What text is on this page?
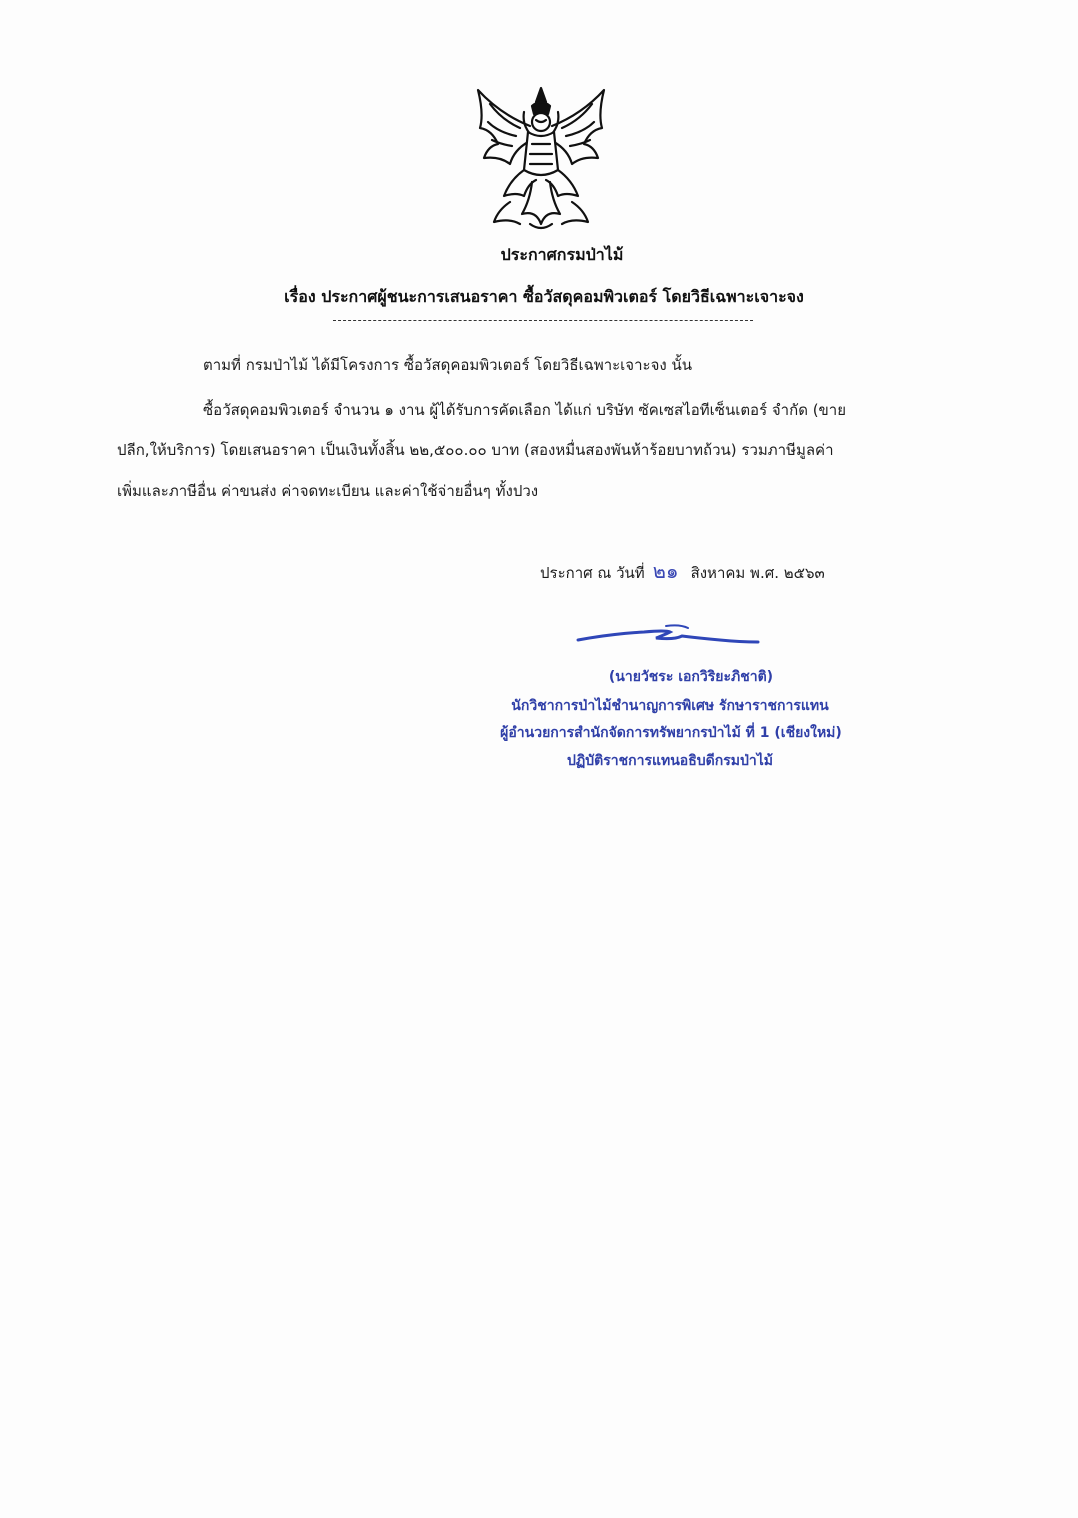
ประกาศกรมป่าไม้
เรื่อง ประกาศผู้ชนะการเสนอราคา ซื้อวัสดุคอมพิวเตอร์ โดยวิธีเฉพาะเจาะจง
ตามที่ กรมป่าไม้ ได้มีโครงการ ซื้อวัสดุคอมพิวเตอร์ โดยวิธีเฉพาะเจาะจง นั้น
ซื้อวัสดุคอมพิวเตอร์ จำนวน ๑ งาน ผู้ได้รับการคัดเลือก ได้แก่ บริษัท ซัคเซสไอทีเซ็นเตอร์ จำกัด (ขาย
ปลีก,ให้บริการ) โดยเสนอราคา เป็นเงินทั้งสิ้น ๒๒,๕๐๐.๐๐ บาท (สองหมื่นสองพันห้าร้อยบาทถ้วน) รวมภาษีมูลค่า
เพิ่มและภาษีอื่น ค่าขนส่ง ค่าจดทะเบียน และค่าใช้จ่ายอื่นๆ ทั้งปวง
ประกาศ ณ วันที่ ๒๑ สิงหาคม พ.ศ. ๒๕๖๓
(นายวัชระ เอกวิริยะภิชาติ)
นักวิชาการป่าไม้ชำนาญการพิเศษ รักษาราชการแทน
ผู้อำนวยการสำนักจัดการทรัพยากรป่าไม้ ที่ 1 (เชียงใหม่)
ปฏิบัติราชการแทนอธิบดีกรมป่าไม้
